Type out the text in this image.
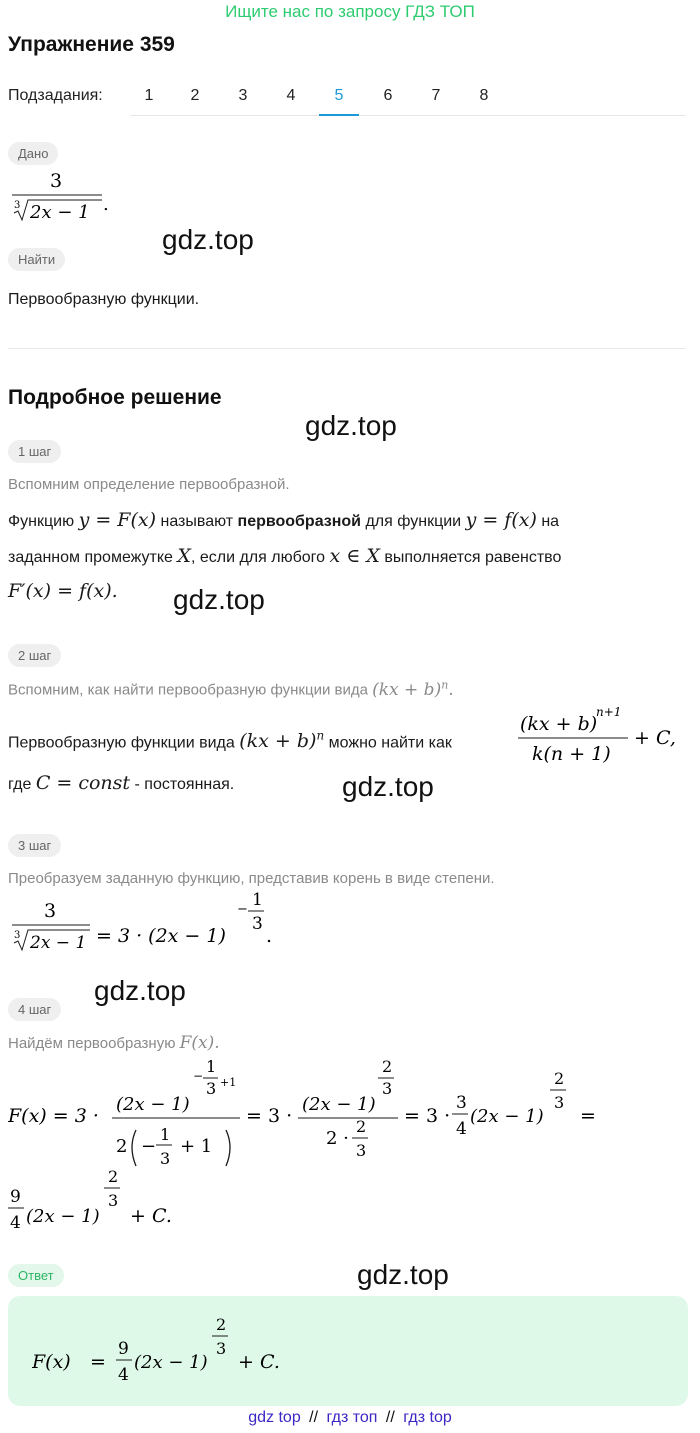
Ищите нас по запросу ГДЗ ТОП
Упражнение 359
Подзадания:	1	2	3	4	5	6	7	8
Дано
3
3 2x − 1 .
gdz.top
Найти
Первообразную функции.
Подробное решение
gdz.top
1 шаг
Вспомним определение первообразной.
Функцию y = F(x) называют первообразной для функции y = f(x) на
заданном промежутке X, если для любого x ∈ X выполняется равенство
F′(x) = f(x). gdz.top
2 шаг
Вспомним, как найти первообразную функции вида (kx + b)$^n$.
Первообразную функции вида (kx + b)$^n$ можно найти как
(kx + b)
n+1
k(n + 1)
+ C,
где C = const - постоянная.	gdz.top
3 шаг
Преобразуем заданную функцию, представив корень в виде степени.
3
3 2x − 1 = 3 · (2x − 1)
− 1
3
.
gdz.top
4 шаг
Найдём первообразную F(x).
F(x) = 3 ·
(2x − 1)
− 1
3 +1
2 −
1
3
+ 1
= 3 ·
(2x − 1)
2
3
2 ·
2
3
= 3 ·
3
4
(2x − 1)
2
3
=
9
4 (2x − 1)
2
3
+ C.
Ответ	gdz.top
F(x) =
9
4
(2x − 1)
2
3
+ C.
gdz top // гдз топ // гдз top
